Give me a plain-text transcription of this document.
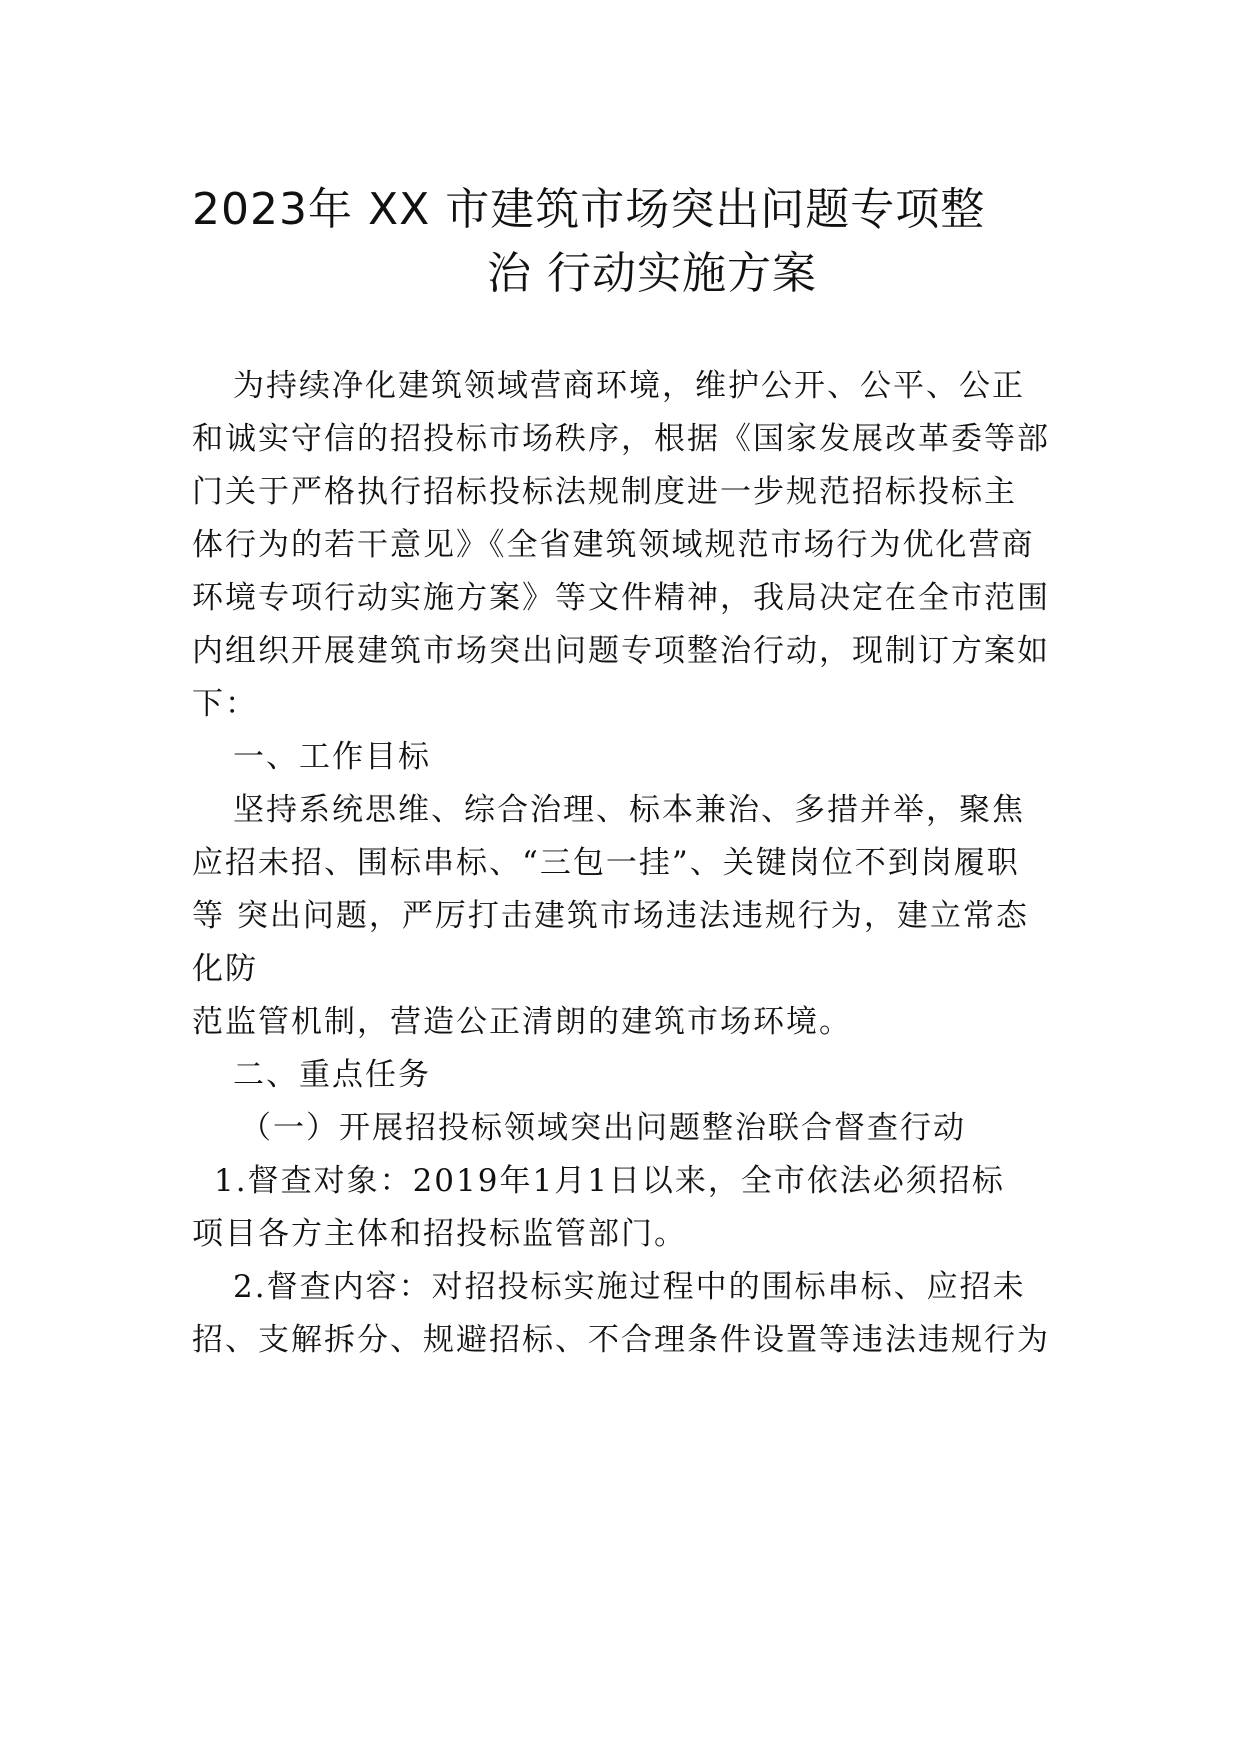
2023年 XX 市建筑市场突出问题专项整
治 行动实施方案
为持续净化建筑领域营商环境，维护公开、公平、公正
和诚实守信的招投标市场秩序，根据《国家发展改革委等部
门关于严格执行招标投标法规制度进一步规范招标投标主
体行为的若干意见》《全省建筑领域规范市场行为优化营商
环境专项行动实施方案》等文件精神，我局决定在全市范围
内组织开展建筑市场突出问题专项整治行动，现制订方案如
下：
一、工作目标
坚持系统思维、综合治理、标本兼治、多措并举，聚焦
应招未招、围标串标、“三包一挂”、关键岗位不到岗履职
等 突出问题，严厉打击建筑市场违法违规行为，建立常态
化防
范监管机制，营造公正清朗的建筑市场环境。
二、重点任务
（一）开展招投标领域突出问题整治联合督查行动
1.督查对象：2019年1月1日以来，全市依法必须招标
项目各方主体和招投标监管部门。
2.督查内容：对招投标实施过程中的围标串标、应招未
招、支解拆分、规避招标、不合理条件设置等违法违规行为
